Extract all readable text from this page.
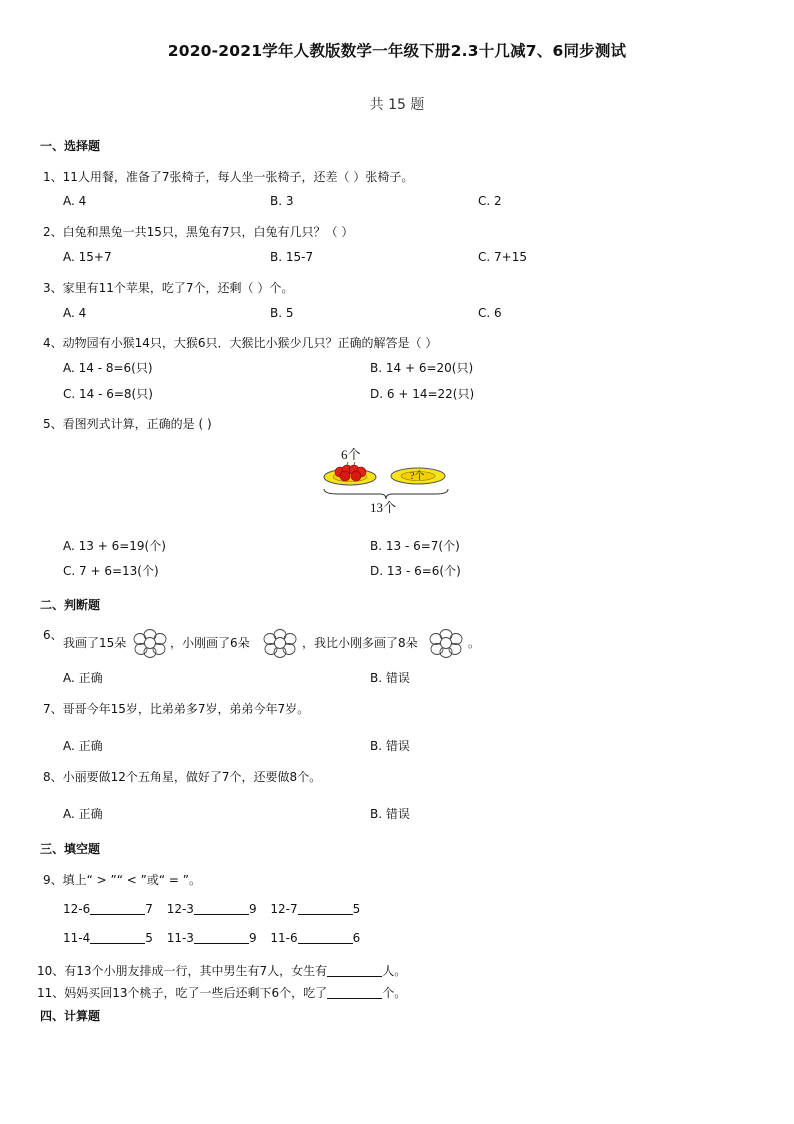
2020-2021学年人教版数学一年级下册2.3十几减7、6同步测试
共 15 题
一、选择题
1、11人用餐，准备了7张椅子，每人坐一张椅子，还差（ ）张椅子。
A. 4	B. 3	C. 2
2、白兔和黑兔一共15只，黑兔有7只，白兔有几只？（ ）
A. 15+7	B. 15-7	C. 7+15
3、家里有11个苹果，吃了7个，还剩（ ）个。
A. 4	B. 5	C. 6
4、动物园有小猴14只，大猴6只．大猴比小猴少几只？正确的解答是（ ）
A. 14 - 8=6(只)	B. 14 + 6=20(只)
C. 14 - 6=8(只)	D. 6 + 14=22(只)
5、看图列式计算，正确的是 ( )
6个
?个
13个
A. 13 + 6=19(个)	B. 13 - 6=7(个)
C. 7 + 6=13(个)	D. 13 - 6=6(个)
二、判断题
6、
我画了15朵	，小刚画了6朵	，我比小刚多画了8朵	。
A. 正确	B. 错误
7、哥哥今年15岁，比弟弟多7岁，弟弟今年7岁。
A. 正确	B. 错误
8、小丽要做12个五角星，做好了7个，还要做8个。
A. 正确	B. 错误
三、填空题
9、填上“ > ”“ < ”或“ = ”。
12-6	7 12-3	9 12-7	5
11-4	5 11-3	9 11-6	6
10、有13个小朋友排成一行，其中男生有7人，女生有	人。
11、妈妈买回13个桃子，吃了一些后还剩下6个，吃了	个。
四、计算题
